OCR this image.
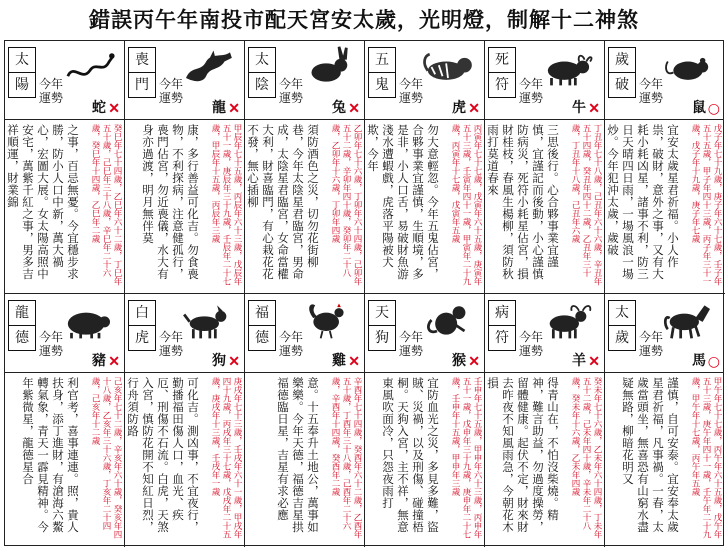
錯誤丙午年南投市配天宮安太歲，光明燈，制解十二神煞
太
陽 今年
運勢
蛇 ✕
癸巳年七十四歲，乙巳年六十二歲，丁巳年五十歲，己巳年三十八歲，辛巳年二十六歲，癸巳年十四歲，乙巳年二歲
之事，百忌無憂。今宜穩步求勝，防小人口中新，萬大禍心，宏圖大展。女太陽高照中安宅，萬紫千紅之事，男多吉祥順運，財業錦
喪
門 今年
運勢
龍 ✕
甲辰年七十五歲，丙辰年六十三歲，戊辰年五十一歲，庚辰年三十九歲，壬辰年二十七歲，甲辰年十五歲，丙辰年三歲
康，多行善益可化吉。勿食喪物，不利探病，注意健孤行，喪門佔宮，勿近喪儀，水大有身亦過渡，明月無伴莫
太
陰 今年
運勢
兔 ✕
乙卯年七十六歲，丁卯年六十四歲，己卯年五十二歲，辛卯年四十歲，癸卯年二十八歲，乙卯年十六歲，丁卯年四歲
須防酒色之災，切勿花街柳巷，今年太陰星君臨宮，男命成，太陰星君臨宮，女命當權大利，財喜臨門，有心栽花花不發，無心插柳
五
鬼 今年
運勢
虎 ✕
丙寅年七十七歲，戊寅年六十五歲，庚寅年五十三歲，壬寅年四十一歲，甲寅年二十九歲，丙寅年十七歲，戊寅年五歲
勿大意輕忽。今年五鬼佔宮，合夥事業宜謹慎，生順境，多是非，小人口舌，易破財魚游淺水遭蝦戲，虎落平陽被犬欺，今年
死
符 今年
運勢
牛 ✕
丁丑年七十八歲，己丑年六十六歲，辛丑年五十四歲，癸丑年四十二歲，乙丑年三十歲，丁丑年十八歲，己丑年六歲
三思後行。心合夥事業宜謹慎，宜謹記而後動，小心謹慎防病災，死符小耗星佔宮，損財桂枝，春風生楊柳，須防秋雨打莫道春來
歲
破 今年
運勢
鼠 ○
戊子年七十九歲，庚子年六十七歲，壬子年五十五歲，甲子年四十三歲，丙子年三十一歲，戊子年十九歲，庚子年七歲
宜安太歲星君祈福。小人作祟，破財，意外之事，又有大耗小耗凶星，諸事不利，防三日天晴四日雨，一場風浪一場炒。今年犯沖太歲，歲破
龍
德 今年
運勢
豬 ✕
己亥年七十二歲，辛亥年六十歲，癸亥年四十八歲，乙亥年三十六歲，丁亥年二十四歲，己亥年十二歲
利官考，喜事連連。照，貴人扶身，添丁進財，有滄海六鰲轉氣象，青天一霹見精神。今年紫微星，龍德星合
白
虎 今年
運勢
狗 ✕
庚戌年七十三歲，壬戌年六十一歲，甲戌年四十九歲，丙戌年三十七歲，戊戌年二十五歲，庚戌年十三歲，壬戌年一歲
可化吉。測凶事，不宜夜行，勤播福田傷人口，血光、疾厄、刑傷不石流。白虎，天煞入宮，慎防花開不知紅日烈，行舟須防路
福
德 今年
運勢
雞 ✕
辛酉年七十四歲，癸酉年六十二歲，乙酉年五十歲，丁酉年三十八歲，己酉年二十六歲，辛酉年十四歲，癸酉年二歲
意。十五奉升土地公，萬事如樂樂。今年天德，福德吉星拱福德臨日星，吉星有求必應
天
狗 今年
運勢
猴 ✕
壬申年七十五歲，甲申年六十三歲，丙申年五十一歲，戊申年三十九歲，庚申年二十七歲，壬申年十五歲，甲申年三歲
宜防血光之災，多見多難，盜賊、災禍，以及刑傷、碰撞梧桐。天狗入宮，主不祥，無意東風吹面冷，只怨夜雨打
病
符 今年
運勢
羊 ✕
癸未年七十六歲，乙未年六十四歲，丁未年五十二歲，己未年四十歲，辛未年二十八歲，癸未年十六歲，乙未年四歲
得青山在，不怕沒柴燒。精神，難言助益，勿過度操勞，留體健康。起伏不定，財來財去昨夜不知風雨急，今朝花木損
太
歲 今年
運勢
馬 ○
甲午年七十七歲，丙午年六十五歲，戊午年五十三歲，庚午年四十一歲，壬午年二十九歲，甲午年十七歲，丙午年五歲
謹慎，自可安泰。宜安奉太歲星君祈福，凡事禍。一春，太歲當頭坐，無喜恐有山窮水盡疑無路，柳暗花明又
